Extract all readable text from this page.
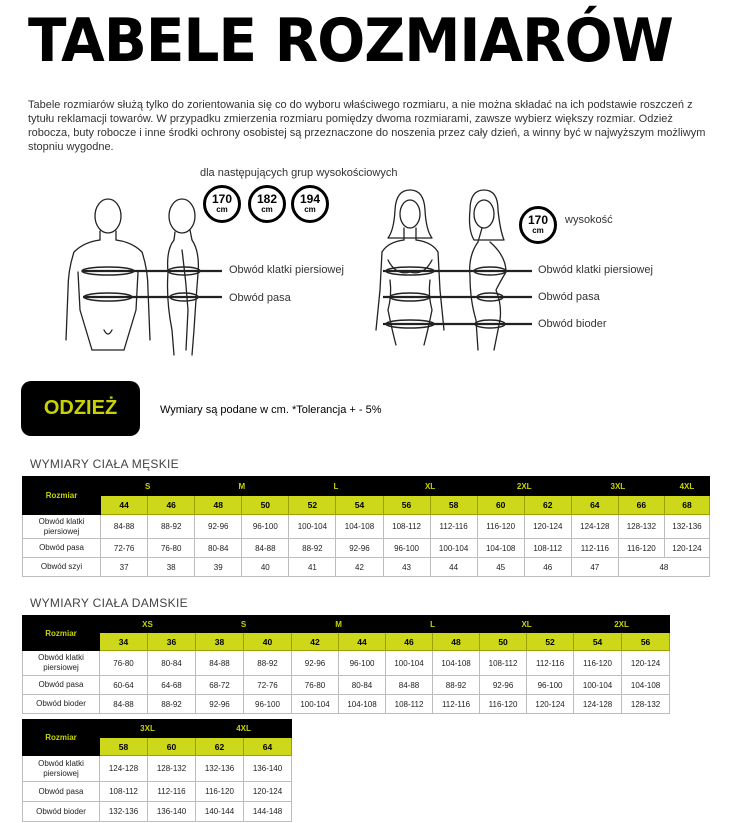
TABELE ROZMIARÓW
Tabele rozmiarów służą tylko do zorientowania się co do wyboru właściwego rozmiaru, a nie można składać na ich podstawie roszczeń z tytułu reklamacji towarów. W przypadku zmierzenia rozmiaru pomiędzy dwoma rozmiarami, zawsze wybierz większy rozmiar. Odzież robocza, buty robocze i inne środki ochrony osobistej są przeznaczone do noszenia przez cały dzień, a winny być w najwyższym możliwym stopniu wygodne.
dla następujących grup wysokościowych
170
cm
182
cm
194
cm
170
cm
wysokość
Obwód klatki piersiowej
Obwód pasa
Obwód klatki piersiowej
Obwód pasa
Obwód bioder
ODZIEŻ	Wymiary są podane w cm. *Tolerancja + - 5%
WYMIARY CIAŁA MĘSKIE
Rozmiar	S		M		L		XL		2XL		3XL		4XL
	44	46	48	50	52	54	56	58	60	62	64	66	68
Obwód klatki piersiowej	84-88	88-92	92-96	96-100	100-104	104-108	108-112	112-116	116-120	120-124	124-128	128-132	132-136
Obwód pasa	72-76	76-80	80-84	84-88	88-92	92-96	96-100	100-104	104-108	108-112	112-116	116-120	120-124
Obwód szyi	37	38	39	40	41	42	43	44	45	46	47	48	
WYMIARY CIAŁA DAMSKIE
Rozmiar	XS		S		M		L		XL		2XL	
	34	36	38	40	42	44	46	48	50	52	54	56
Obwód klatki piersiowej	76-80	80-84	84-88	88-92	92-96	96-100	100-104	104-108	108-112	112-116	116-120	120-124
Obwód pasa	60-64	64-68	68-72	72-76	76-80	80-84	84-88	88-92	92-96	96-100	100-104	104-108
Obwód bioder	84-88	88-92	92-96	96-100	100-104	104-108	108-112	112-116	116-120	120-124	124-128	128-132
Rozmiar	3XL		4XL	
	58	60	62	64
Obwód klatki piersiowej	124-128	128-132	132-136	136-140
Obwód pasa	108-112	112-116	116-120	120-124
Obwód bioder	132-136	136-140	140-144	144-148
